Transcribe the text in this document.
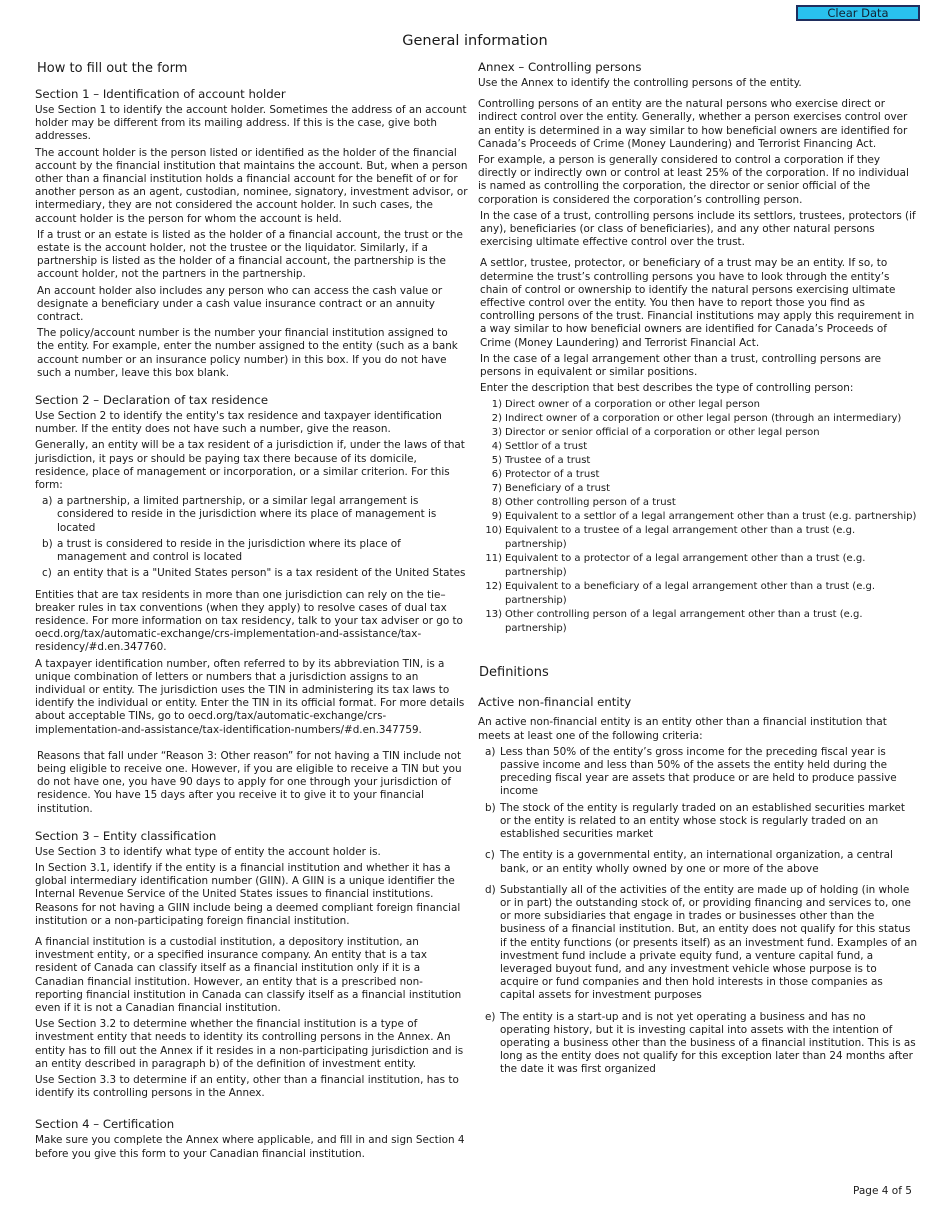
Clear Data
General information
How to fill out the form
Section 1 – Identification of account holder

Use Section 1 to identify the account holder. Sometimes the address of an account holder may be different from its mailing address. If this is the case, give both addresses.

The account holder is the person listed or identified as the holder of the financial account by the financial institution that maintains the account. But, when a person other than a financial institution holds a financial account for the benefit of or for another person as an agent, custodian, nominee, signatory, investment advisor, or intermediary, they are not considered the account holder. In such cases, the account holder is the person for whom the account is held.

If a trust or an estate is listed as the holder of a financial account, the trust or the estate is the account holder, not the trustee or the liquidator. Similarly, if a partnership is listed as the holder of a financial account, the partnership is the account holder, not the partners in the partnership.

An account holder also includes any person who can access the cash value or designate a beneficiary under a cash value insurance contract or an annuity contract.

The policy/account number is the number your financial institution assigned to the entity. For example, enter the number assigned to the entity (such as a bank account number or an insurance policy number) in this box. If you do not have such a number, leave this box blank.

Section 2 – Declaration of tax residence

Use Section 2 to identify the entity's tax residence and taxpayer identification number. If the entity does not have such a number, give the reason.

Generally, an entity will be a tax resident of a jurisdiction if, under the laws of that jurisdiction, it pays or should be paying tax there because of its domicile, residence, place of management or incorporation, or a similar criterion. For this form:

a) a partnership, a limited partnership, or a similar legal arrangement is considered to reside in the jurisdiction where its place of management is located
b) a trust is considered to reside in the jurisdiction where its place of management and control is located
c) an entity that is a "United States person" is a tax resident of the United States

Entities that are tax residents in more than one jurisdiction can rely on the tie–breaker rules in tax conventions (when they apply) to resolve cases of dual tax residence. For more information on tax residency, talk to your tax adviser or go to oecd.org/tax/automatic-exchange/crs-implementation-and-assistance/tax-residency/#d.en.347760.

A taxpayer identification number, often referred to by its abbreviation TIN, is a unique combination of letters or numbers that a jurisdiction assigns to an individual or entity. The jurisdiction uses the TIN in administering its tax laws to identify the individual or entity. Enter the TIN in its official format. For more details about acceptable TINs, go to oecd.org/tax/automatic-exchange/crs-implementation-and-assistance/tax-identification-numbers/#d.en.347759.

Reasons that fall under “Reason 3: Other reason” for not having a TIN include not being eligible to receive one. However, if you are eligible to receive a TIN but you do not have one, you have 90 days to apply for one through your jurisdiction of residence. You have 15 days after you receive it to give it to your financial institution.

Section 3 – Entity classification

Use Section 3 to identify what type of entity the account holder is.

In Section 3.1, identify if the entity is a financial institution and whether it has a global intermediary identification number (GIIN). A GIIN is a unique identifier the Internal Revenue Service of the United States issues to financial institutions. Reasons for not having a GIIN include being a deemed compliant foreign financial institution or a non-participating foreign financial institution.

A financial institution is a custodial institution, a depository institution, an investment entity, or a specified insurance company. An entity that is a tax resident of Canada can classify itself as a financial institution only if it is a Canadian financial institution. However, an entity that is a prescribed non-reporting financial institution in Canada can classify itself as a financial institution even if it is not a Canadian financial institution.

Use Section 3.2 to determine whether the financial institution is a type of investment entity that needs to identity its controlling persons in the Annex. An entity has to fill out the Annex if it resides in a non-participating jurisdiction and is an entity described in paragraph b) of the definition of investment entity.

Use Section 3.3 to determine if an entity, other than a financial institution, has to identify its controlling persons in the Annex.

Section 4 – Certification

Make sure you complete the Annex where applicable, and fill in and sign Section 4 before you give this form to your Canadian financial institution.

Annex – Controlling persons

Use the Annex to identify the controlling persons of the entity.

Controlling persons of an entity are the natural persons who exercise direct or indirect control over the entity. Generally, whether a person exercises control over an entity is determined in a way similar to how beneficial owners are identified for Canada’s Proceeds of Crime (Money Laundering) and Terrorist Financing Act.

For example, a person is generally considered to control a corporation if they directly or indirectly own or control at least 25% of the corporation. If no individual is named as controlling the corporation, the director or senior official of the corporation is considered the corporation’s controlling person.

In the case of a trust, controlling persons include its settlors, trustees, protectors (if any), beneficiaries (or class of beneficiaries), and any other natural persons exercising ultimate effective control over the trust.

A settlor, trustee, protector, or beneficiary of a trust may be an entity. If so, to determine the trust’s controlling persons you have to look through the entity’s chain of control or ownership to identify the natural persons exercising ultimate effective control over the entity. You then have to report those you find as controlling persons of the trust. Financial institutions may apply this requirement in a way similar to how beneficial owners are identified for Canada’s Proceeds of Crime (Money Laundering) and Terrorist Financial Act.

In the case of a legal arrangement other than a trust, controlling persons are persons in equivalent or similar positions.

Enter the description that best describes the type of controlling person:

1) Direct owner of a corporation or other legal person
2) Indirect owner of a corporation or other legal person (through an intermediary)
3) Director or senior official of a corporation or other legal person
4) Settlor of a trust
5) Trustee of a trust
6) Protector of a trust
7) Beneficiary of a trust
8) Other controlling person of a trust
9) Equivalent to a settlor of a legal arrangement other than a trust (e.g. partnership)
10) Equivalent to a trustee of a legal arrangement other than a trust (e.g. partnership)
11) Equivalent to a protector of a legal arrangement other than a trust (e.g. partnership)
12) Equivalent to a beneficiary of a legal arrangement other than a trust (e.g. partnership)
13) Other controlling person of a legal arrangement other than a trust (e.g. partnership)
Definitions
Active non-financial entity

An active non-financial entity is an entity other than a financial institution that meets at least one of the following criteria:

a) Less than 50% of the entity’s gross income for the preceding fiscal year is passive income and less than 50% of the assets the entity held during the preceding fiscal year are assets that produce or are held to produce passive income
b) The stock of the entity is regularly traded on an established securities market or the entity is related to an entity whose stock is regularly traded on an established securities market
c) The entity is a governmental entity, an international organization, a central bank, or an entity wholly owned by one or more of the above
d) Substantially all of the activities of the entity are made up of holding (in whole or in part) the outstanding stock of, or providing financing and services to, one or more subsidiaries that engage in trades or businesses other than the business of a financial institution. But, an entity does not qualify for this status if the entity functions (or presents itself) as an investment fund. Examples of an investment fund include a private equity fund, a venture capital fund, a leveraged buyout fund, and any investment vehicle whose purpose is to acquire or fund companies and then hold interests in those companies as capital assets for investment purposes
e) The entity is a start-up and is not yet operating a business and has no operating history, but it is investing capital into assets with the intention of operating a business other than the business of a financial institution. This is as long as the entity does not qualify for this exception later than 24 months after the date it was first organized
Page 4 of 5
